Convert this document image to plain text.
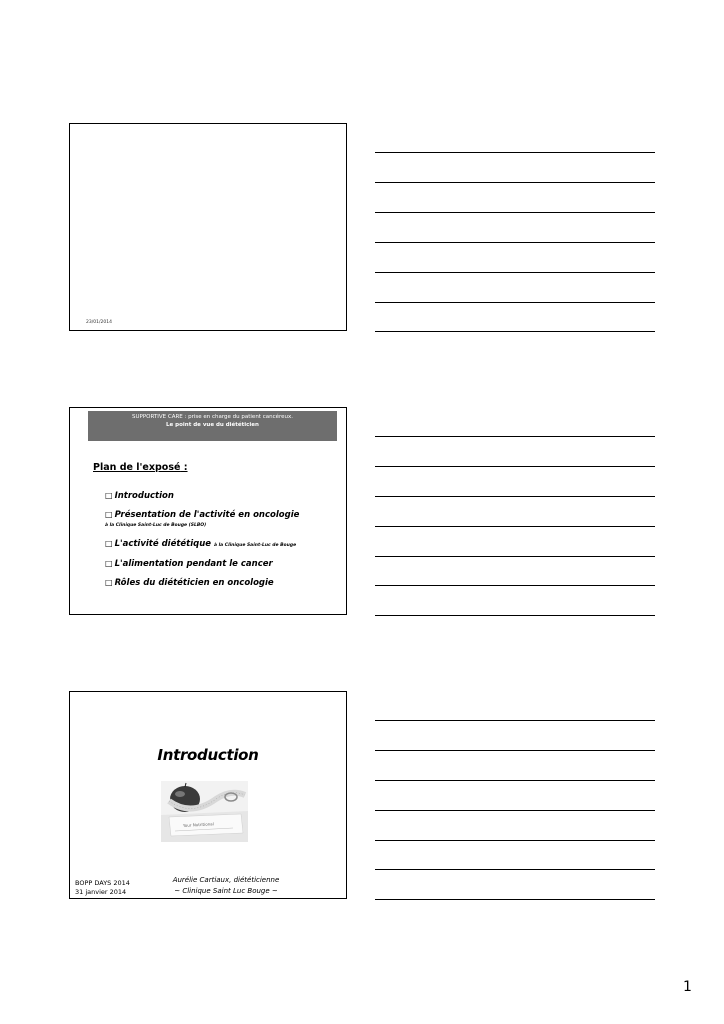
23/01/2014
SUPPORTIVE CARE : prise en charge du patient cancéreux.
Le point de vue du diététicien
Plan de l'exposé :
□ Introduction
□ Présentation de l'activité en oncologie
à la Clinique Saint-Luc de Bouge (SLBO)
□ L'activité diététique à la Clinique Saint-Luc de Bouge
□ L'alimentation pendant le cancer
□ Rôles du diététicien en oncologie
Introduction
Your Nutritional
BOPP DAYS 2014
31 janvier 2014
Aurélie Cartiaux, diététicienne
~ Clinique Saint Luc Bouge ~
1
